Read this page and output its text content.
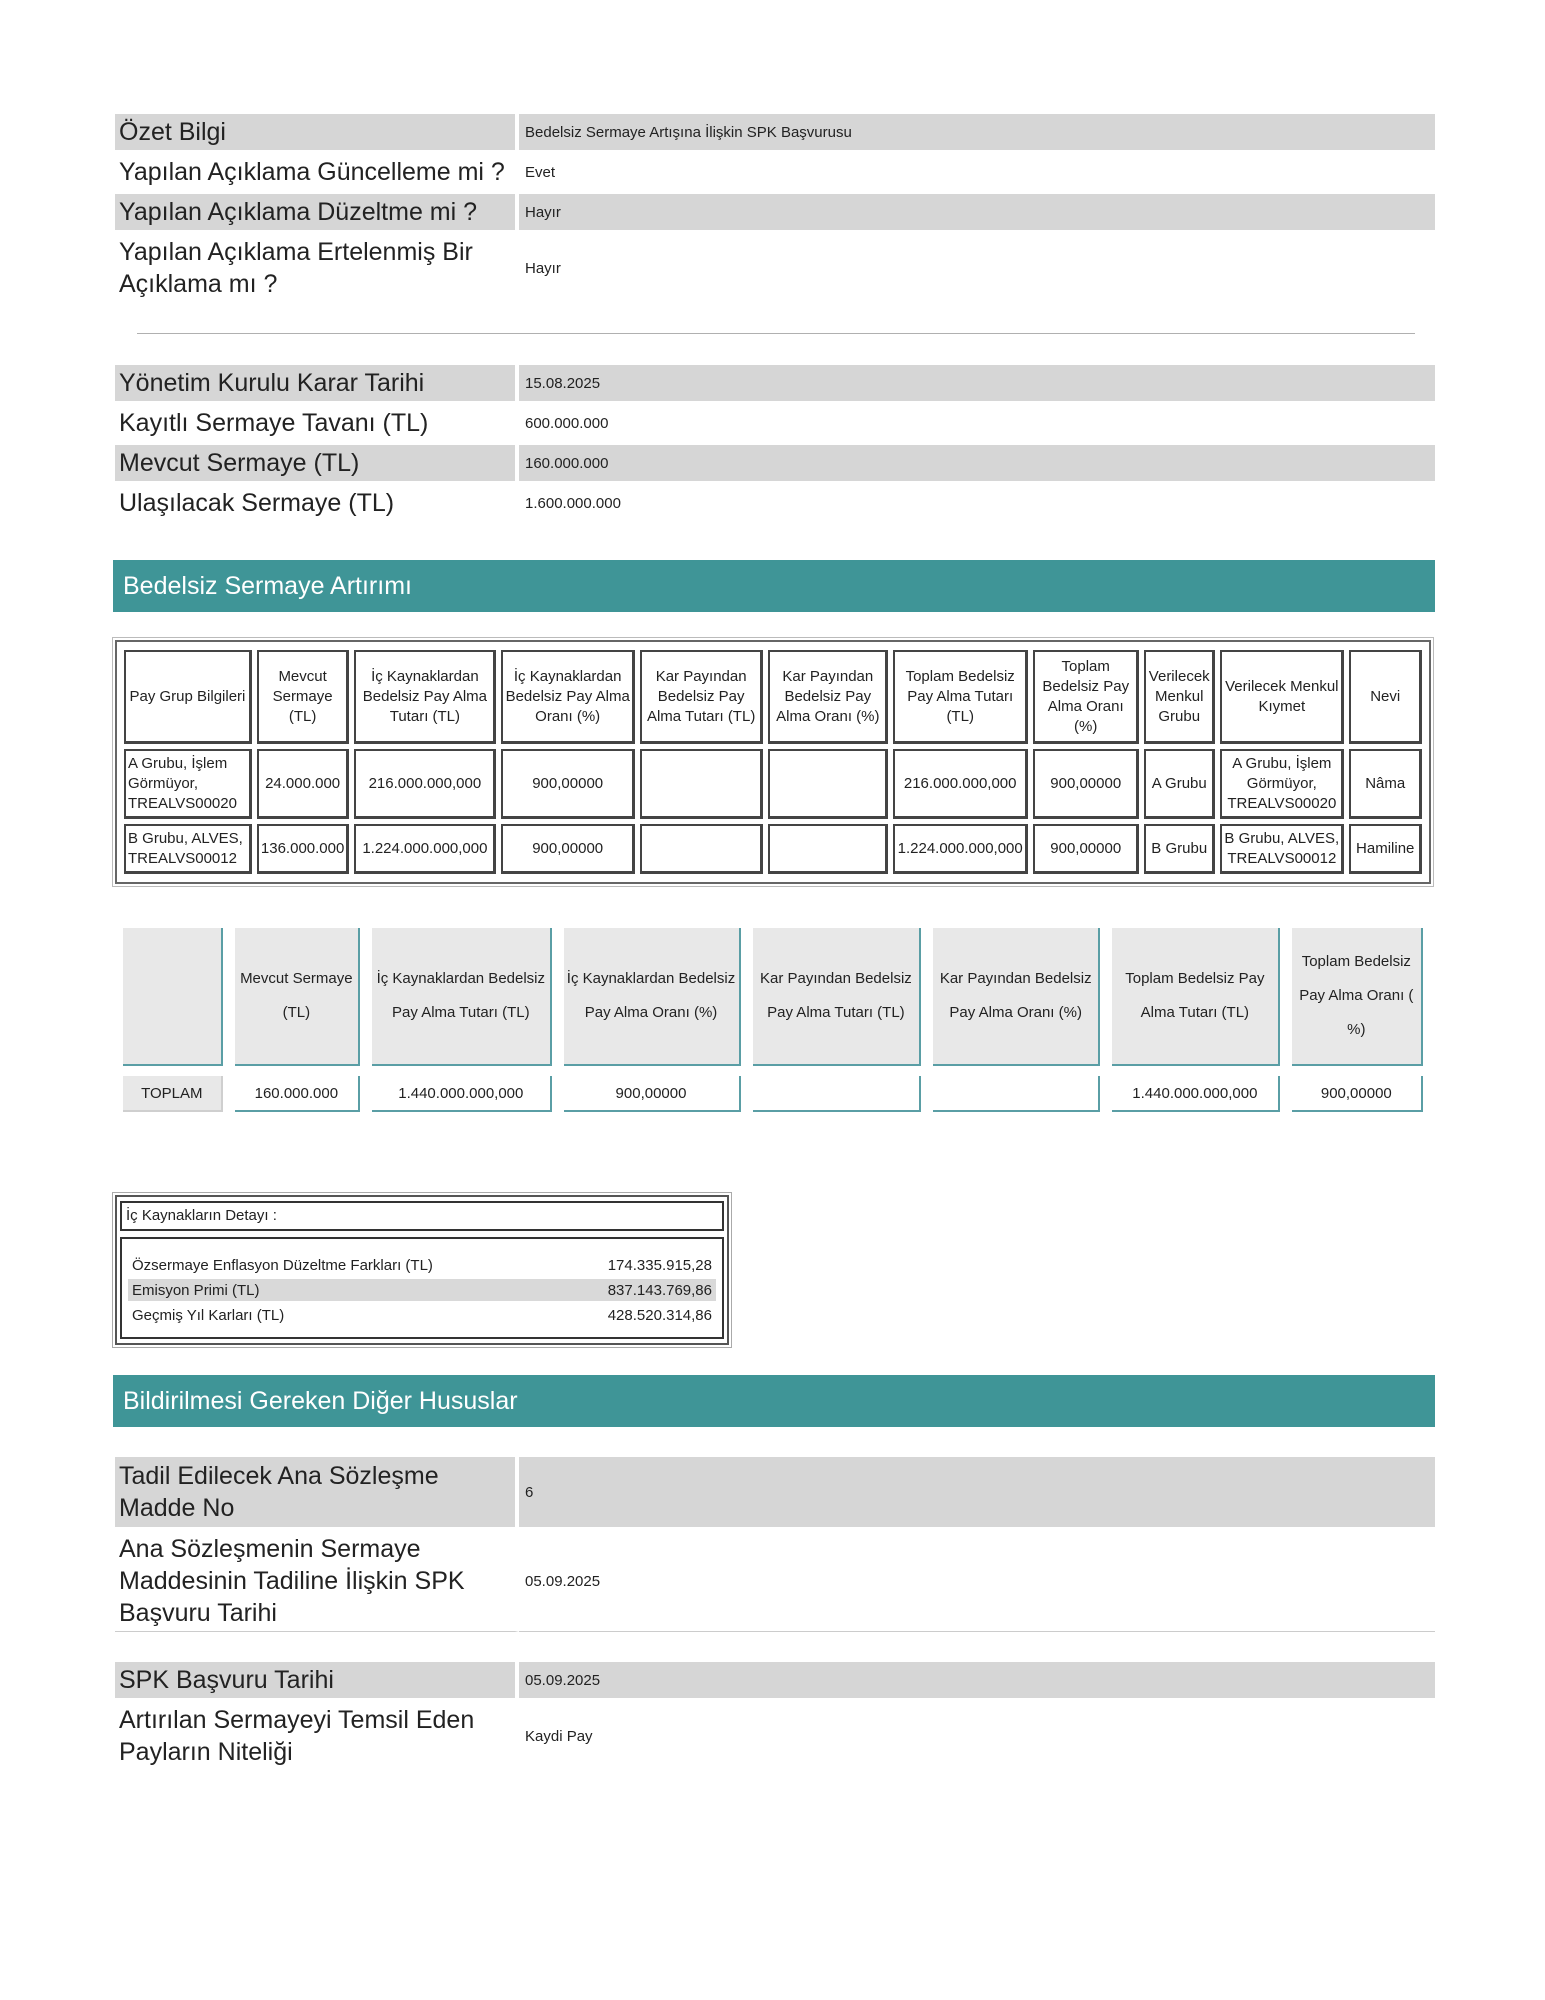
Özet Bilgi	Bedelsiz Sermaye Artışına İlişkin SPK Başvurusu
Yapılan Açıklama Güncelleme mi ?	Evet
Yapılan Açıklama Düzeltme mi ?	Hayır
Yapılan Açıklama Ertelenmiş Bir Açıklama mı ?	Hayır
Yönetim Kurulu Karar Tarihi	15.08.2025
Kayıtlı Sermaye Tavanı (TL)	600.000.000
Mevcut Sermaye (TL)	160.000.000
Ulaşılacak Sermaye (TL)	1.600.000.000
Bedelsiz Sermaye Artırımı
Pay Grup Bilgileri	Mevcut Sermaye (TL)	İç Kaynaklardan Bedelsiz Pay Alma Tutarı (TL)	İç Kaynaklardan Bedelsiz Pay Alma Oranı (%)	Kar Payından Bedelsiz Pay Alma Tutarı (TL)	Kar Payından Bedelsiz Pay Alma Oranı (%)	Toplam Bedelsiz Pay Alma Tutarı (TL)	Toplam Bedelsiz Pay Alma Oranı (%)	Verilecek Menkul Grubu	Verilecek Menkul Kıymet	Nevi
A Grubu, İşlem Görmüyor, TREALVS00020	24.000.000	216.000.000,000	900,00000			216.000.000,000	900,00000	A Grubu	A Grubu, İşlem Görmüyor, TREALVS00020	Nâma
B Grubu, ALVES, TREALVS00012	136.000.000	1.224.000.000,000	900,00000			1.224.000.000,000	900,00000	B Grubu	B Grubu, ALVES, TREALVS00012	Hamiline
	Mevcut Sermaye (TL)	İç Kaynaklardan Bedelsiz Pay Alma Tutarı (TL)	İç Kaynaklardan Bedelsiz Pay Alma Oranı (%)	Kar Payından Bedelsiz Pay Alma Tutarı (TL)	Kar Payından Bedelsiz Pay Alma Oranı (%)	Toplam Bedelsiz Pay Alma Tutarı (TL)	Toplam Bedelsiz Pay Alma Oranı ( %)
TOPLAM	160.000.000	1.440.000.000,000	900,00000			1.440.000.000,000	900,00000
İç Kaynakların Detayı :
Özsermaye Enflasyon Düzeltme Farkları (TL)	174.335.915,28
Emisyon Primi (TL)	837.143.769,86
Geçmiş Yıl Karları (TL)	428.520.314,86
Bildirilmesi Gereken Diğer Hususlar
Tadil Edilecek Ana Sözleşme Madde No	6
Ana Sözleşmenin Sermaye Maddesinin Tadiline İlişkin SPK Başvuru Tarihi	05.09.2025
SPK Başvuru Tarihi	05.09.2025
Artırılan Sermayeyi Temsil Eden Payların Niteliği	Kaydi Pay
